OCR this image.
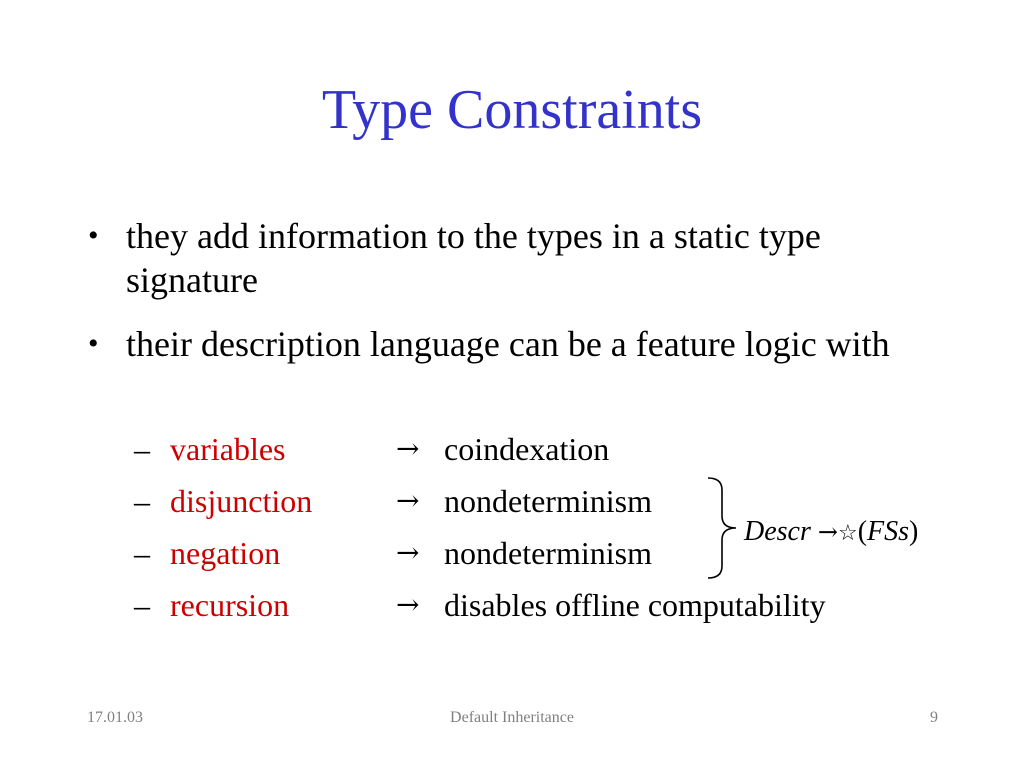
Type Constraints
• they add information to the types in a static type signature
• their description language can be a feature logic with
– variables	→ coindexation
– disjunction	→ nondeterminism
– negation	→ nondeterminism
– recursion	→ disables offline computability
Descr →☆(FSs)
17.01.03	Default Inheritance	9
